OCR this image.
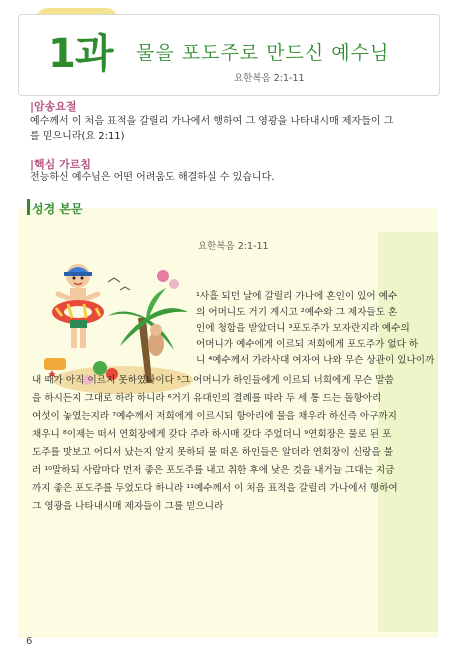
1과 물을 포도주로 만드신 예수님
요한복음 2:1-11
|암송요절
예수께서 이 처음 표적을 갈릴리 가나에서 행하여 그 영광을 나타내시매 제자들이 그
를 믿으니라(요 2:11)
|핵심 가르침
전능하신 예수님은 어떤 어려움도 해결하실 수 있습니다.
성경 본문
요한복음 2:1-11
¹사흘 되던 날에 갈릴리 가나에 혼인이 있어 예수
의 어머니도 거기 계시고 ²예수와 그 제자들도 혼
인에 청함을 받았더니 ³포도주가 모자란지라 예수의
어머니가 예수에게 이르되 저희에게 포도주가 없다 하
니 ⁴예수께서 가라사대 여자여 나와 무슨 상관이 있나이까
내 때가 아직 이르지 못하였나이다 ⁵그 어머니가 하인들에게 이르되 너희에게 무슨 말씀
을 하시든지 그대로 하라 하니라 ⁶거기 유대인의 결례를 따라 두 세 통 드는 돌항아리
여섯이 놓였는지라 ⁷예수께서 저희에게 이르시되 항아리에 물을 채우라 하신즉 아구까지
채우니 ⁸이제는 떠서 연회장에게 갖다 주라 하시매 갖다 주었더니 ⁹연회장은 물로 된 포
도주를 맛보고 어디서 났는지 알지 못하되 물 떠온 하인들은 알더라 연회장이 신랑을 불
러 ¹⁰말하되 사람마다 먼저 좋은 포도주를 내고 취한 후에 낮은 것을 내거늘 그대는 지금
까지 좋은 포도주를 두었도다 하니라 ¹¹예수께서 이 처음 표적을 갈릴리 가나에서 행하여
그 영광을 나타내시매 제자들이 그를 믿으니라
6
